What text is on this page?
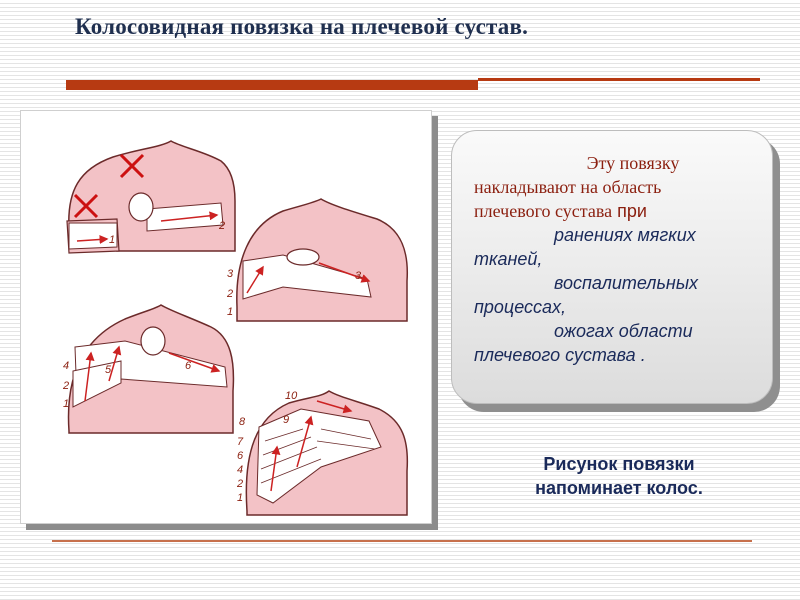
Колосовидная повязка на плечевой сустав.
1
2
3
2
1
3
4
2
1
5	6
10
9
8
7
6
4
2
1
Эту повязку
накладывают на область
плечевого сустава при
ранениях мягких
тканей,
воспалительных
процессах,
ожогах области
плечевого сустава .
Рисунок повязки
напоминает колос.
